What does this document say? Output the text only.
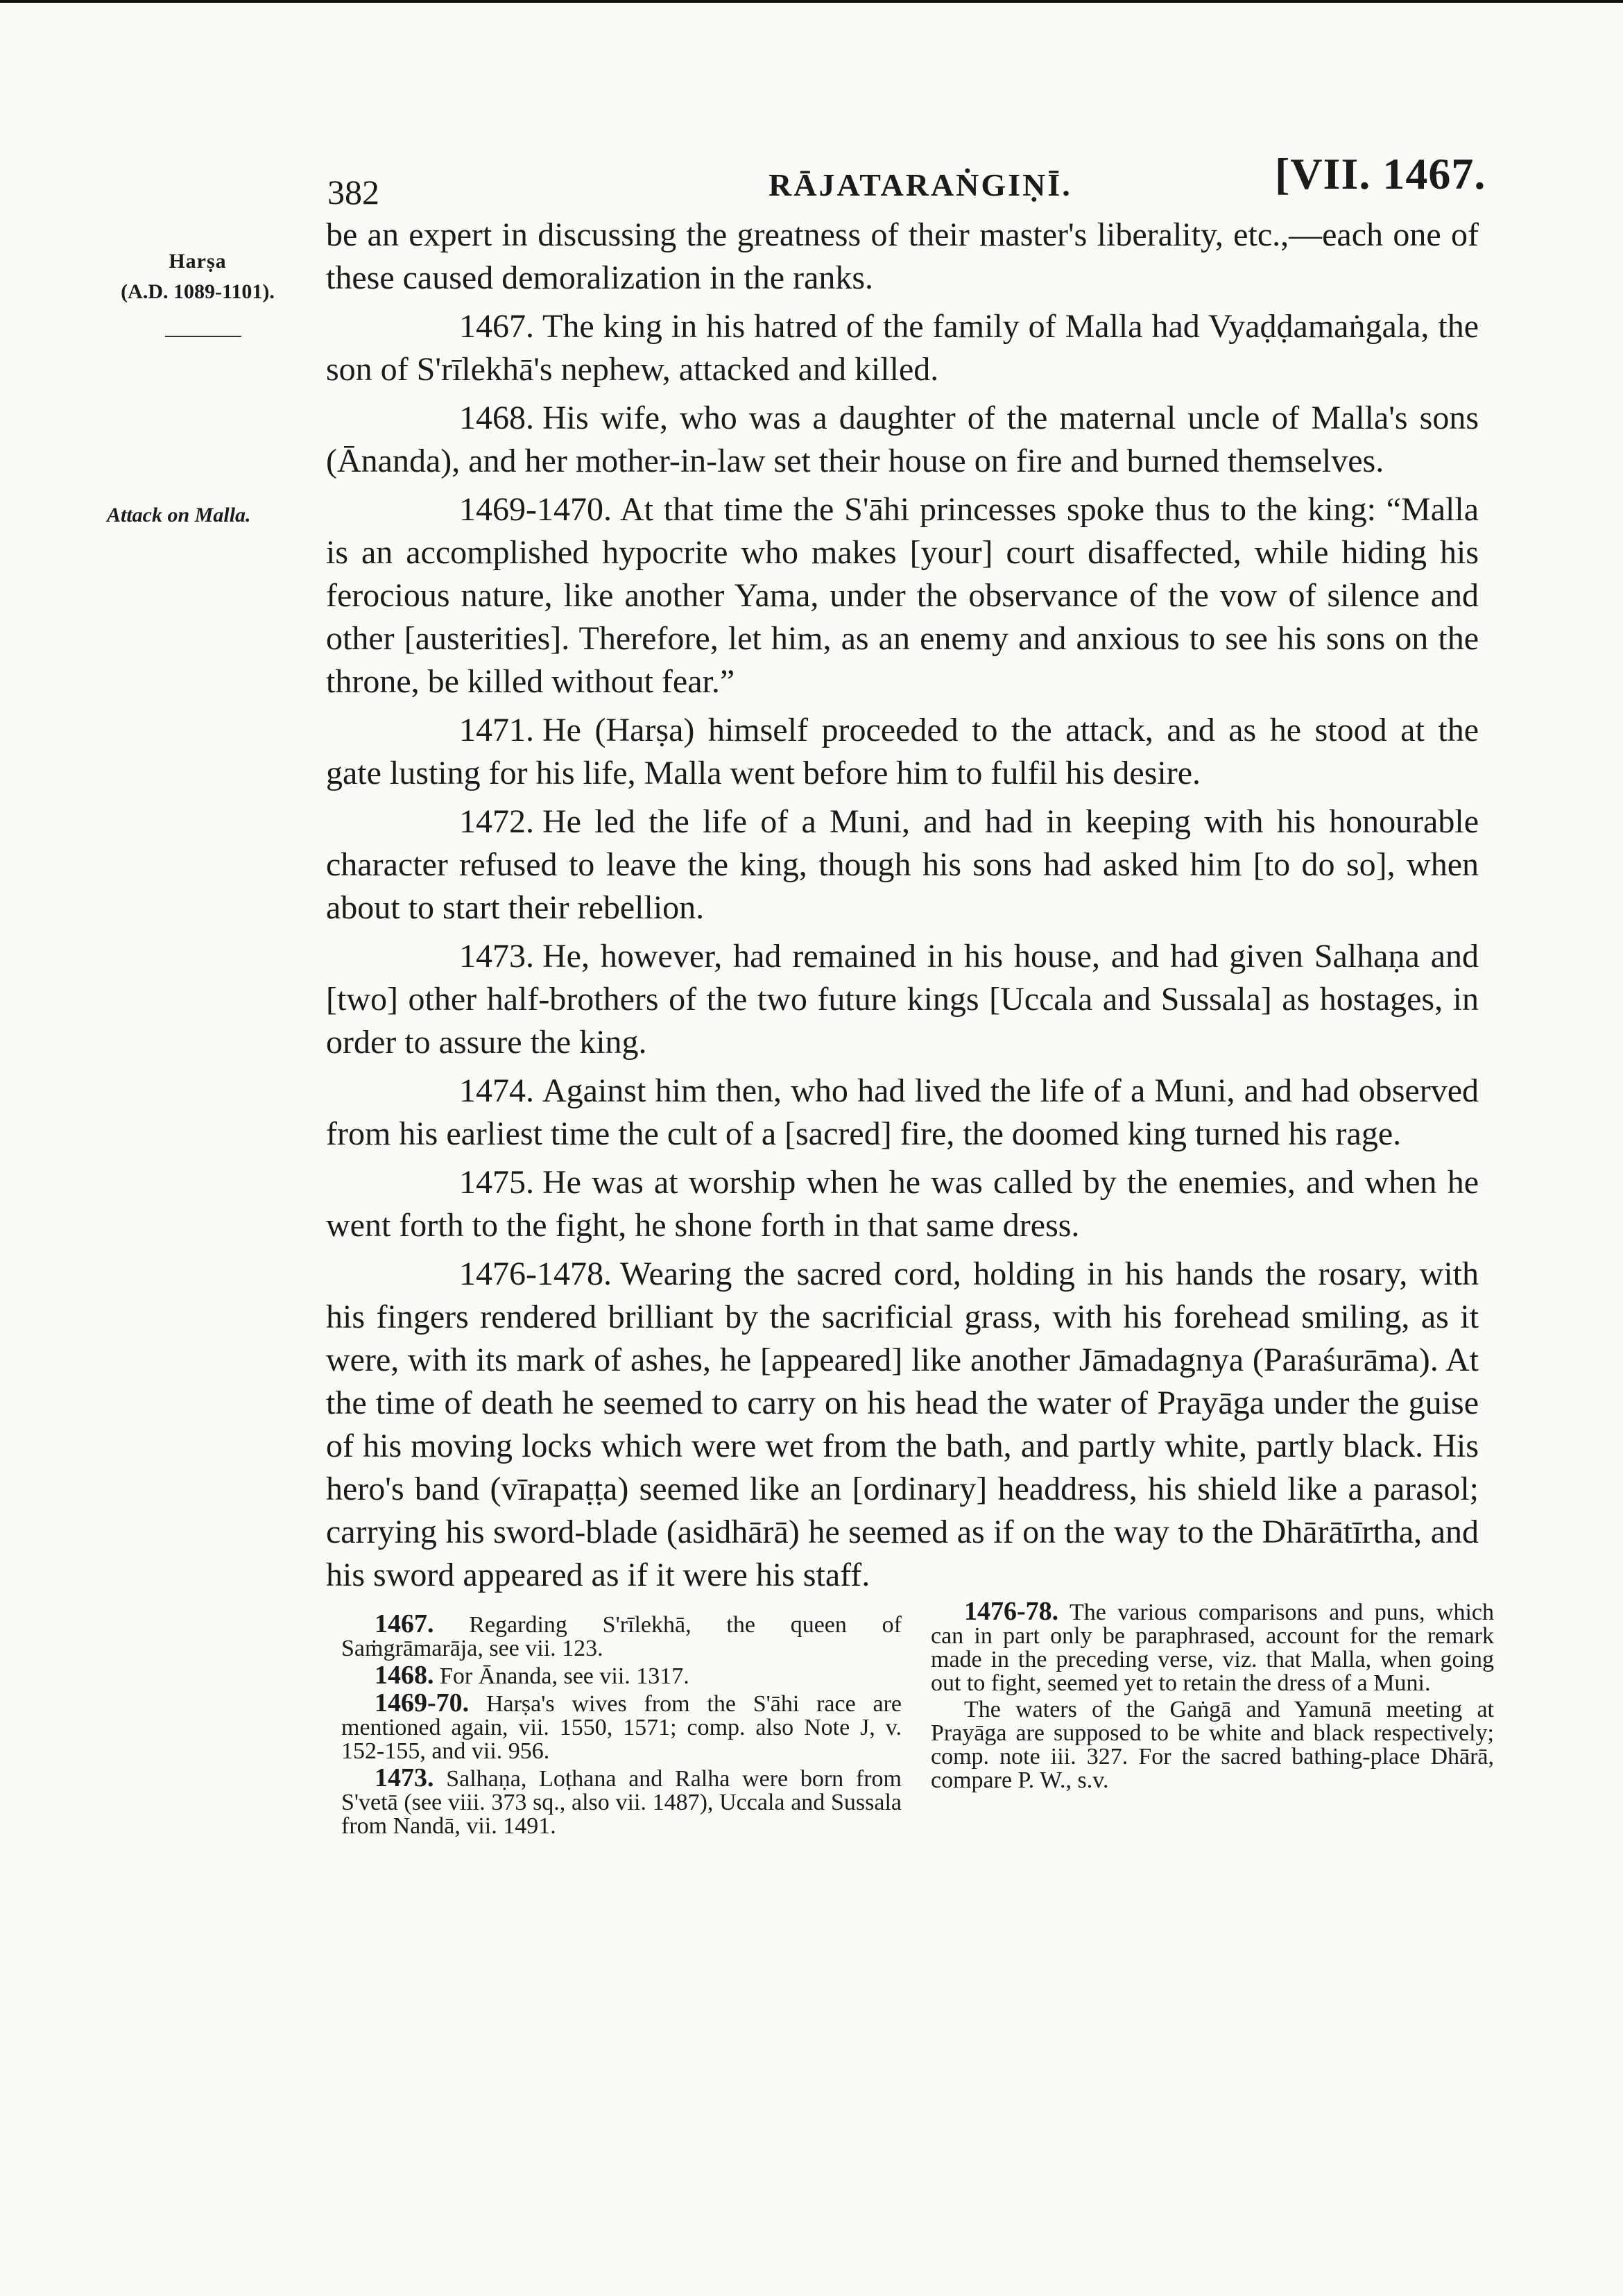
382	RĀJATARAṄGIṆĪ.	[VII. 1467.
Harṣa
(A.D. 1089-1101).
Attack on Malla.

be an expert in discussing the greatness of their master's liberality, etc.,—each one of these caused demoralization in the ranks.

1467. The king in his hatred of the family of Malla had Vyaḍḍamaṅgala, the son of S'rīlekhā's nephew, attacked and killed.

1468. His wife, who was a daughter of the maternal uncle of Malla's sons (Ānanda), and her mother-in-law set their house on fire and burned themselves.

1469-1470. At that time the S'āhi princesses spoke thus to the king: “Malla is an accomplished hypocrite who makes [your] court disaffected, while hiding his ferocious nature, like another Yama, under the observance of the vow of silence and other [austerities]. Therefore, let him, as an enemy and anxious to see his sons on the throne, be killed without fear.”

1471. He (Harṣa) himself proceeded to the attack, and as he stood at the gate lusting for his life, Malla went before him to fulfil his desire.

1472. He led the life of a Muni, and had in keeping with his honourable character refused to leave the king, though his sons had asked him [to do so], when about to start their rebellion.

1473. He, however, had remained in his house, and had given Salhaṇa and [two] other half-brothers of the two future kings [Uccala and Sussala] as hostages, in order to assure the king.

1474. Against him then, who had lived the life of a Muni, and had observed from his earliest time the cult of a [sacred] fire, the doomed king turned his rage.

1475. He was at worship when he was called by the enemies, and when he went forth to the fight, he shone forth in that same dress.

1476-1478. Wearing the sacred cord, holding in his hands the rosary, with his fingers rendered brilliant by the sacrificial grass, with his forehead smiling, as it were, with its mark of ashes, he [appeared] like another Jāmadagnya (Paraśurāma). At the time of death he seemed to carry on his head the water of Prayāga under the guise of his moving locks which were wet from the bath, and partly white, partly black. His hero's band (vīrapaṭṭa) seemed like an [ordinary] headdress, his shield like a parasol; carrying his sword-blade (asidhārā) he seemed as if on the way to the Dhārātīrtha, and his sword appeared as if it were his staff.

1467. Regarding S'rīlekhā, the queen of Saṁgrāmarāja, see vii. 123.

1468. For Ānanda, see vii. 1317.

1469-70. Harṣa's wives from the S'āhi race are mentioned again, vii. 1550, 1571; comp. also Note J, v. 152-155, and vii. 956.

1473. Salhaṇa, Loṭhana and Ralha were born from S'vetā (see viii. 373 sq., also vii. 1487), Uccala and Sussala from Nandā, vii. 1491.

1476-78. The various comparisons and puns, which can in part only be paraphrased, account for the remark made in the preceding verse, viz. that Malla, when going out to fight, seemed yet to retain the dress of a Muni.

The waters of the Gaṅgā and Yamunā meeting at Prayāga are supposed to be white and black respectively; comp. note iii. 327. For the sacred bathing-place Dhārā, compare P. W., s.v.
